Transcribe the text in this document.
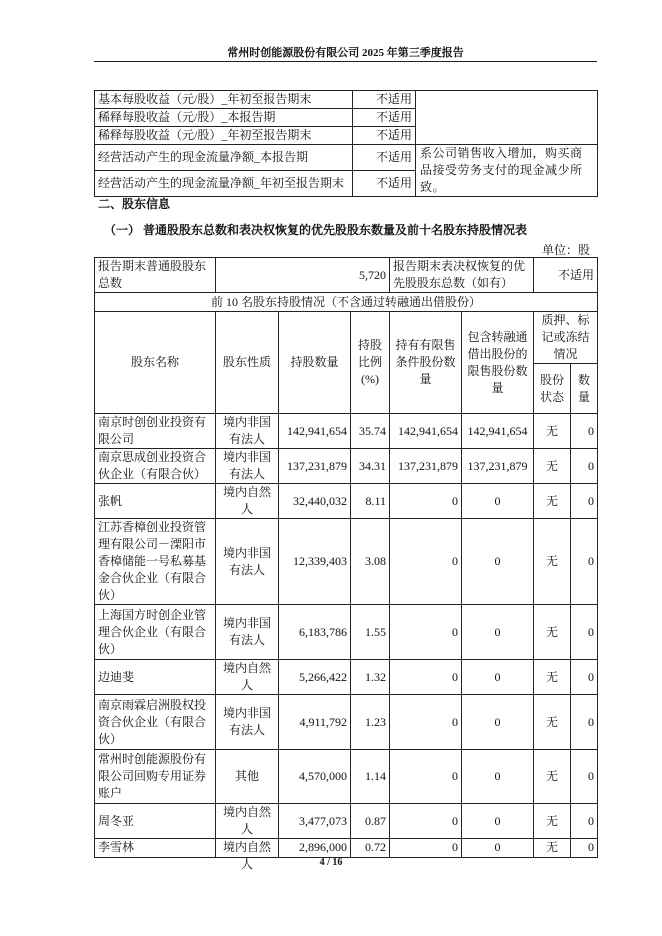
常州时创能源股份有限公司 2025 年第三季度报告
基本每股收益（元/股）_年初至报告期末	不适用	
稀释每股收益（元/股）_本报告期	不适用	
稀释每股收益（元/股）_年初至报告期末	不适用	
经营活动产生的现金流量净额_本报告期	不适用	系公司销售收入增加，购买商品接受劳务支付的现金减少所致。
经营活动产生的现金流量净额_年初至报告期末	不适用	
二、股东信息
（一） 普通股股东总数和表决权恢复的优先股股东数量及前十名股东持股情况表
单位：股
报告期末普通股股东总数	5,720			报告期末表决权恢复的优先股股东总数（如有）		不适用	
前 10 名股东持股情况（不含通过转融通出借股份）							
股东名称	股东性质	持股数量	持股比例(%)	持有有限售条件股份数量	包含转融通借出股份的限售股份数量	质押、标记或冻结情况	
						股份状态	数量
南京时创创业投资有限公司	境内非国有法人	142,941,654	35.74	142,941,654	142,941,654	无	0
南京思成创业投资合伙企业（有限合伙）	境内非国有法人	137,231,879	34.31	137,231,879	137,231,879	无	0
张帆	境内自然人	32,440,032	8.11	0	0	无	0
江苏香樟创业投资管理有限公司－溧阳市香樟储能一号私募基金合伙企业（有限合伙）	境内非国有法人	12,339,403	3.08	0	0	无	0
上海国方时创企业管理合伙企业（有限合伙）	境内非国有法人	6,183,786	1.55	0	0	无	0
边迪斐	境内自然人	5,266,422	1.32	0	0	无	0
南京雨霖启洲股权投资合伙企业（有限合伙）	境内非国有法人	4,911,792	1.23	0	0	无	0
常州时创能源股份有限公司回购专用证券账户	其他	4,570,000	1.14	0	0	无	0
周冬亚	境内自然人	3,477,073	0.87	0	0	无	0

李雪林	境内自然人	2,896,000	0.72	0	0	无	0
4 / 16
